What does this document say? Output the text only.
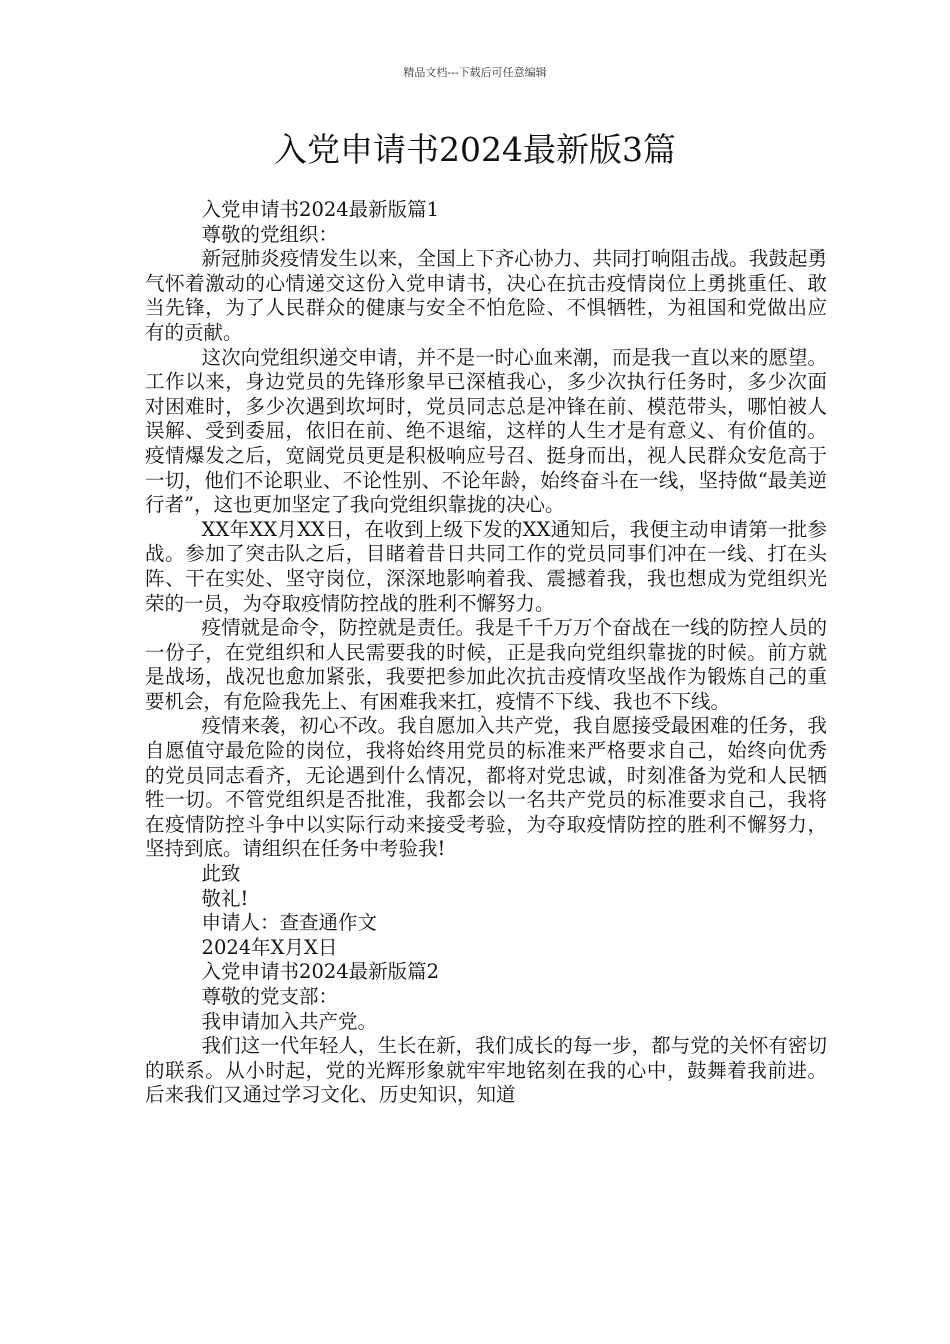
精品文档---下载后可任意编辑
入党申请书2024最新版3篇

入党申请书2024最新版篇1

尊敬的党组织：

新冠肺炎疫情发生以来，全国上下齐心协力、共同打响阻击战。我鼓起勇气怀着激动的心情递交这份入党申请书，决心在抗击疫情岗位上勇挑重任、敢当先锋，为了人民群众的健康与安全不怕危险、不惧牺牲，为祖国和党做出应有的贡献。

这次向党组织递交申请，并不是一时心血来潮，而是我一直以来的愿望。工作以来，身边党员的先锋形象早已深植我心，多少次执行任务时，多少次面对困难时，多少次遇到坎坷时，党员同志总是冲锋在前、模范带头，哪怕被人误解、受到委屈，依旧在前、绝不退缩，这样的人生才是有意义、有价值的。疫情爆发之后，宽阔党员更是积极响应号召、挺身而出，视人民群众安危高于一切，他们不论职业、不论性别、不论年龄，始终奋斗在一线，坚持做“最美逆行者”，这也更加坚定了我向党组织靠拢的决心。

XX年XX月XX日，在收到上级下发的XX通知后，我便主动申请第一批参战。参加了突击队之后，目睹着昔日共同工作的党员同事们冲在一线、打在头阵、干在实处、坚守岗位，深深地影响着我、震撼着我，我也想成为党组织光荣的一员，为夺取疫情防控战的胜利不懈努力。

疫情就是命令，防控就是责任。我是千千万万个奋战在一线的防控人员的一份子，在党组织和人民需要我的时候，正是我向党组织靠拢的时候。前方就是战场，战况也愈加紧张，我要把参加此次抗击疫情攻坚战作为锻炼自己的重要机会，有危险我先上、有困难我来扛，疫情不下线、我也不下线。

疫情来袭，初心不改。我自愿加入共产党，我自愿接受最困难的任务，我自愿值守最危险的岗位，我将始终用党员的标准来严格要求自己，始终向优秀的党员同志看齐，无论遇到什么情况，都将对党忠诚，时刻准备为党和人民牺牲一切。不管党组织是否批准，我都会以一名共产党员的标准要求自己，我将在疫情防控斗争中以实际行动来接受考验，为夺取疫情防控的胜利不懈努力，坚持到底。请组织在任务中考验我!

此致

敬礼!

申请人：查查通作文

2024年X月X日

入党申请书2024最新版篇2

尊敬的党支部：

我申请加入共产党。

我们这一代年轻人，生长在新，我们成长的每一步，都与党的关怀有密切的联系。从小时起，党的光辉形象就牢牢地铭刻在我的心中，鼓舞着我前进。后来我们又通过学习文化、历史知识，知道
